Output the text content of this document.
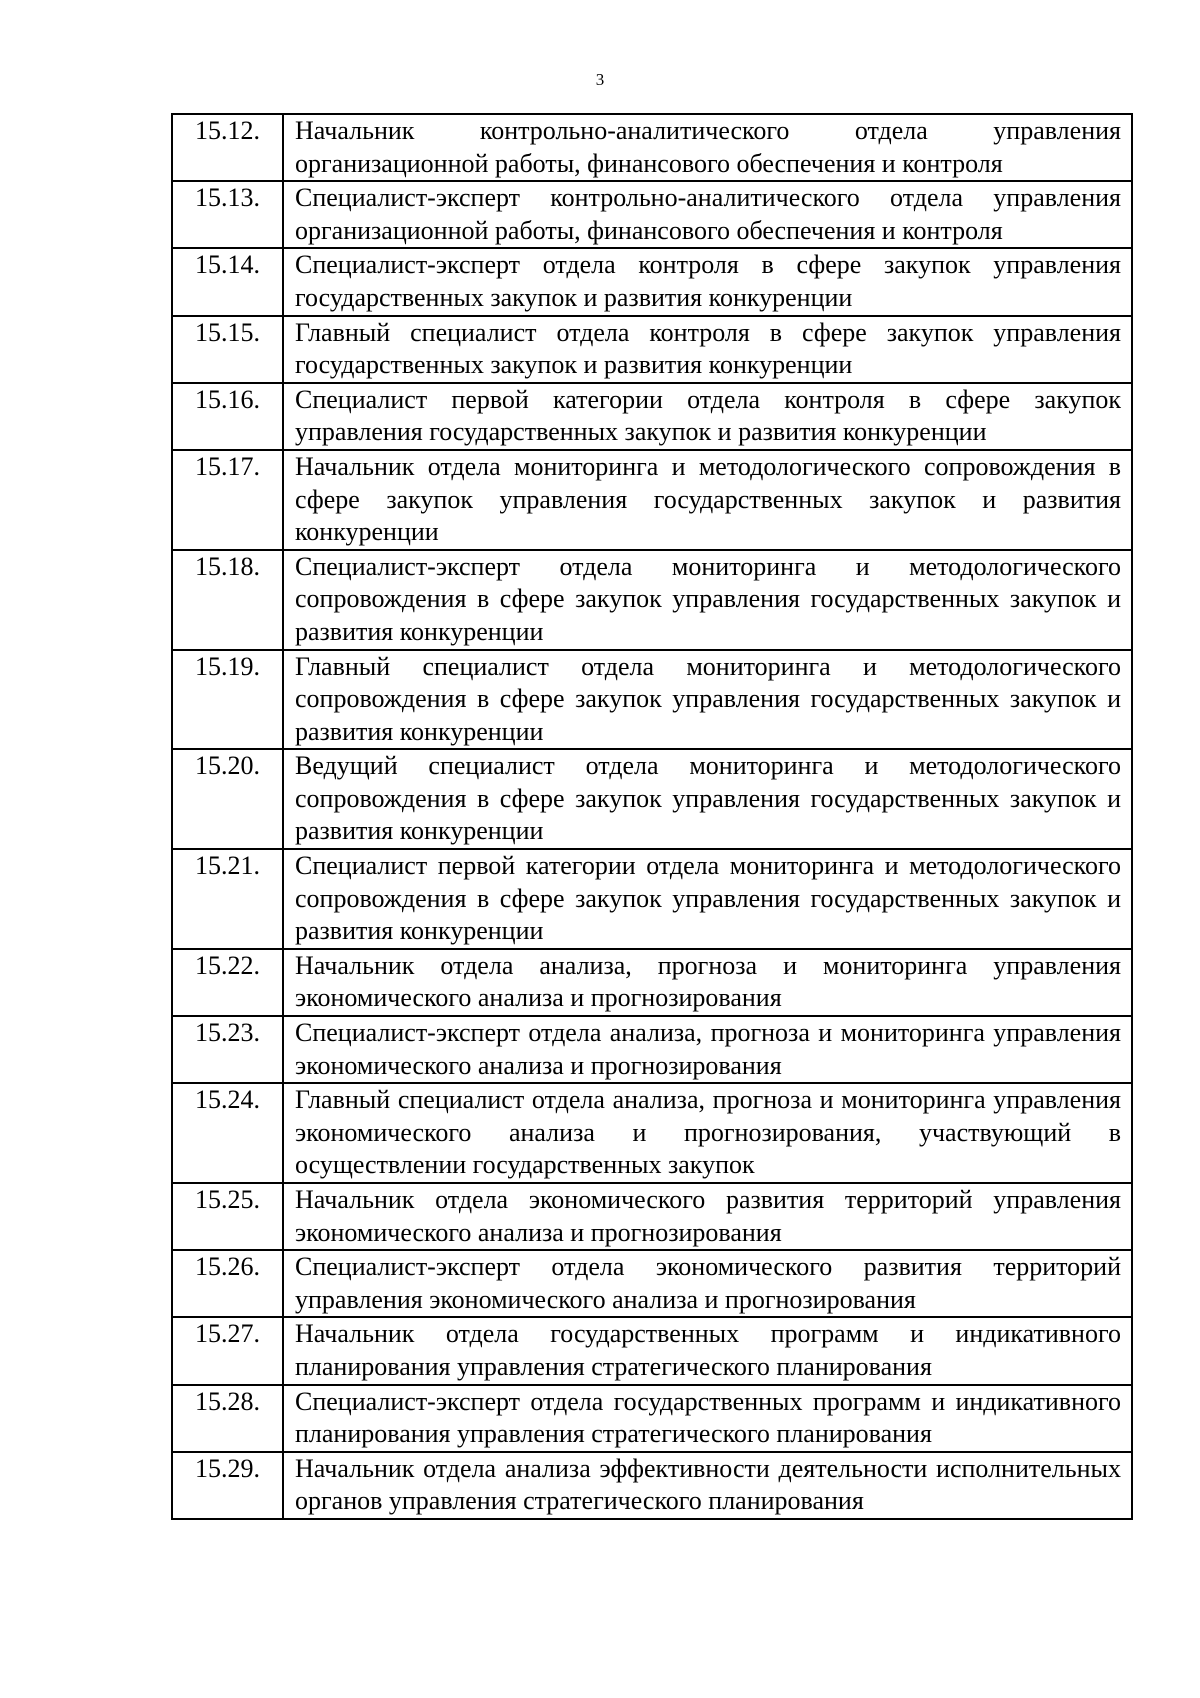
3
15.12.	Начальник контрольно-аналитического отдела управления организационной работы, финансового обеспечения и контроля
15.13.	Специалист-эксперт контрольно-аналитического отдела управления организационной работы, финансового обеспечения и контроля
15.14.	Специалист-эксперт отдела контроля в сфере закупок управления государственных закупок и развития конкуренции
15.15.	Главный специалист отдела контроля в сфере закупок управления государственных закупок и развития конкуренции
15.16.	Специалист первой категории отдела контроля в сфере закупок управления государственных закупок и развития конкуренции
15.17.	Начальник отдела мониторинга и методологического сопровождения в сфере закупок управления государственных закупок и развития конкуренции
15.18.	Специалист-эксперт отдела мониторинга и методологического сопровождения в сфере закупок управления государственных закупок и развития конкуренции
15.19.	Главный специалист отдела мониторинга и методологического сопровождения в сфере закупок управления государственных закупок и развития конкуренции
15.20.	Ведущий специалист отдела мониторинга и методологического сопровождения в сфере закупок управления государственных закупок и развития конкуренции
15.21.	Специалист первой категории отдела мониторинга и методологического сопровождения в сфере закупок управления государственных закупок и развития конкуренции
15.22.	Начальник отдела анализа, прогноза и мониторинга управления экономического анализа и прогнозирования
15.23.	Специалист-эксперт отдела анализа, прогноза и мониторинга управления экономического анализа и прогнозирования
15.24.	Главный специалист отдела анализа, прогноза и мониторинга управления экономического анализа и прогнозирования, участвующий в осуществлении государственных закупок
15.25.	Начальник отдела экономического развития территорий управления экономического анализа и прогнозирования
15.26.	Специалист-эксперт отдела экономического развития территорий управления экономического анализа и прогнозирования
15.27.	Начальник отдела государственных программ и индикативного планирования управления стратегического планирования
15.28.	Специалист-эксперт отдела государственных программ и индикативного планирования управления стратегического планирования
15.29.	Начальник отдела анализа эффективности деятельности исполнительных органов управления стратегического планирования
